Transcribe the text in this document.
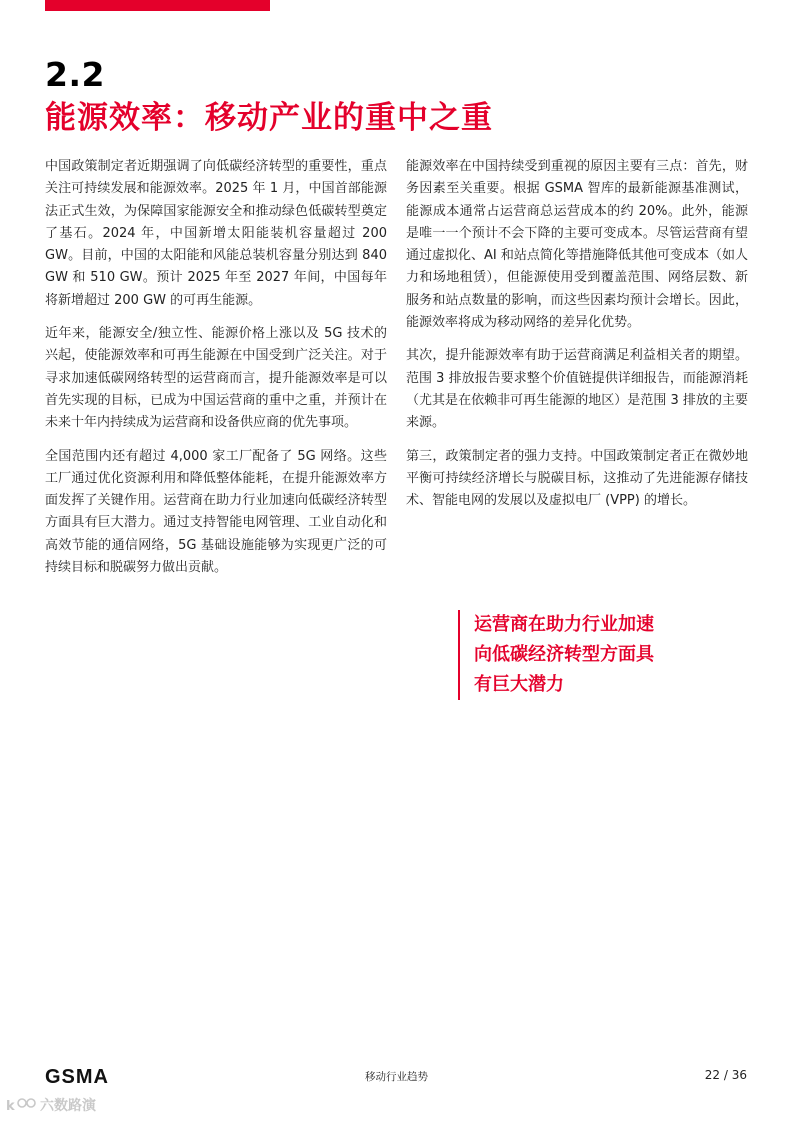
2.2
能源效率：移动产业的重中之重

中国政策制定者近期强调了向低碳经济转型的重要性，重点关注可持续发展和能源效率。2025 年 1 月，中国首部能源法正式生效，为保障国家能源安全和推动绿色低碳转型奠定了基石。2024 年，中国新增太阳能装机容量超过 200 GW。目前，中国的太阳能和风能总装机容量分别达到 840 GW 和 510 GW。预计 2025 年至 2027 年间，中国每年将新增超过 200 GW 的可再生能源。

近年来，能源安全/独立性、能源价格上涨以及 5G 技术的兴起，使能源效率和可再生能源在中国受到广泛关注。对于寻求加速低碳网络转型的运营商而言，提升能源效率是可以首先实现的目标，已成为中国运营商的重中之重，并预计在未来十年内持续成为运营商和设备供应商的优先事项。

全国范围内还有超过 4,000 家工厂配备了 5G 网络。这些工厂通过优化资源利用和降低整体能耗，在提升能源效率方面发挥了关键作用。运营商在助力行业加速向低碳经济转型方面具有巨大潜力。通过支持智能电网管理、工业自动化和高效节能的通信网络，5G 基础设施能够为实现更广泛的可持续目标和脱碳努力做出贡献。

能源效率在中国持续受到重视的原因主要有三点：首先，财务因素至关重要。根据 GSMA 智库的最新能源基准测试，能源成本通常占运营商总运营成本的约 20%。此外，能源是唯一一个预计不会下降的主要可变成本。尽管运营商有望通过虚拟化、AI 和站点简化等措施降低其他可变成本（如人力和场地租赁），但能源使用受到覆盖范围、网络层数、新服务和站点数量的影响，而这些因素均预计会增长。因此，能源效率将成为移动网络的差异化优势。

其次，提升能源效率有助于运营商满足利益相关者的期望。范围 3 排放报告要求整个价值链提供详细报告，而能源消耗（尤其是在依赖非可再生能源的地区）是范围 3 排放的主要来源。

第三，政策制定者的强力支持。中国政策制定者正在微妙地平衡可持续经济增长与脱碳目标，这推动了先进能源存储技术、智能电网的发展以及虚拟电厂 (VPP) 的增长。

运营商在助力行业加速
向低碳经济转型方面具
有巨大潜力
GSMA	移动行业趋势	22 / 36
k 六数路演
